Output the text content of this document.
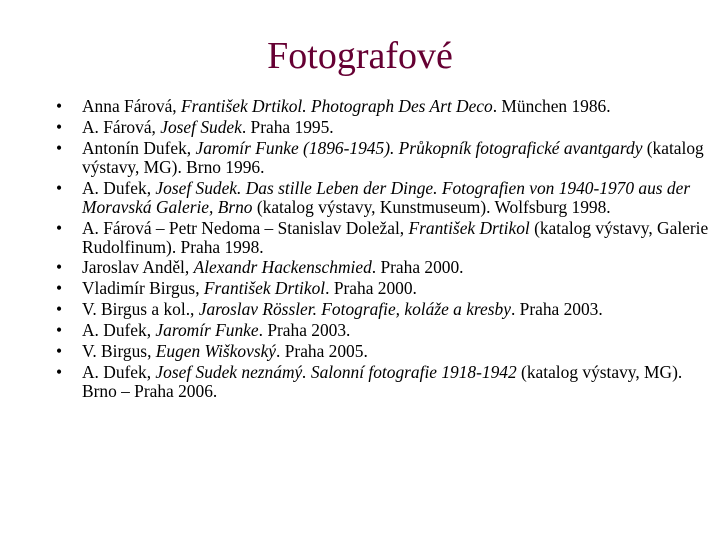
Fotografové
• Anna Fárová, František Drtikol. Photograph Des Art Deco. München 1986.
• A. Fárová, Josef Sudek. Praha 1995.
• Antonín Dufek, Jaromír Funke (1896-1945). Průkopník fotografické avantgardy (katalog výstavy, MG). Brno 1996.
• A. Dufek, Josef Sudek. Das stille Leben der Dinge. Fotografien von 1940-1970 aus der Moravská Galerie, Brno (katalog výstavy, Kunstmuseum). Wolfsburg 1998.
• A. Fárová – Petr Nedoma – Stanislav Doležal, František Drtikol (katalog výstavy, Galerie Rudolfinum). Praha 1998.
• Jaroslav Anděl, Alexandr Hackenschmied. Praha 2000.
• Vladimír Birgus, František Drtikol. Praha 2000.
• V. Birgus a kol., Jaroslav Rössler. Fotografie, koláže a kresby. Praha 2003.
• A. Dufek, Jaromír Funke. Praha 2003.
• V. Birgus, Eugen Wiškovský. Praha 2005.
• A. Dufek, Josef Sudek neznámý. Salonní fotografie 1918-1942 (katalog výstavy, MG). Brno – Praha 2006.
